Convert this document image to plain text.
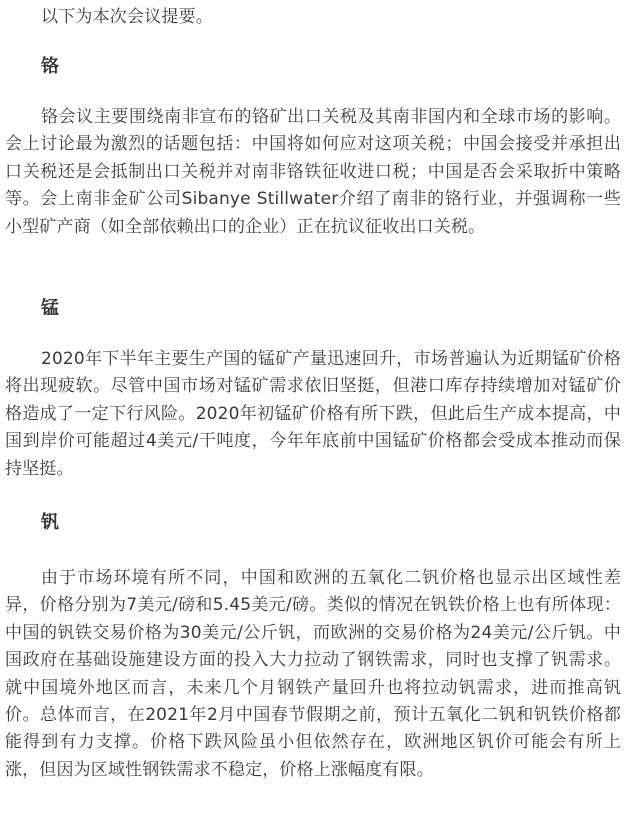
以下为本次会议提要。
铬
铬会议主要围绕南非宣布的铬矿出口关税及其南非国内和全球市场的影响。会上讨论最为激烈的话题包括：中国将如何应对这项关税；中国会接受并承担出口关税还是会抵制出口关税并对南非铬铁征收进口税；中国是否会采取折中策略等。会上南非金矿公司Sibanye Stillwater介绍了南非的铬行业，并强调称一些小型矿产商（如全部依赖出口的企业）正在抗议征收出口关税。
锰
2020年下半年主要生产国的锰矿产量迅速回升，市场普遍认为近期锰矿价格将出现疲软。尽管中国市场对锰矿需求依旧坚挺，但港口库存持续增加对锰矿价格造成了一定下行风险。2020年初锰矿价格有所下跌，但此后生产成本提高，中国到岸价可能超过4美元/干吨度，今年年底前中国锰矿价格都会受成本推动而保持坚挺。
钒
由于市场环境有所不同，中国和欧洲的五氧化二钒价格也显示出区域性差异，价格分别为7美元/磅和5.45美元/磅。类似的情况在钒铁价格上也有所体现：中国的钒铁交易价格为30美元/公斤钒，而欧洲的交易价格为24美元/公斤钒。中国政府在基础设施建设方面的投入大力拉动了钢铁需求，同时也支撑了钒需求。就中国境外地区而言，未来几个月钢铁产量回升也将拉动钒需求，进而推高钒价。总体而言，在2021年2月中国春节假期之前，预计五氧化二钒和钒铁价格都能得到有力支撑。价格下跌风险虽小但依然存在，欧洲地区钒价可能会有所上涨，但因为区域性钢铁需求不稳定，价格上涨幅度有限。
